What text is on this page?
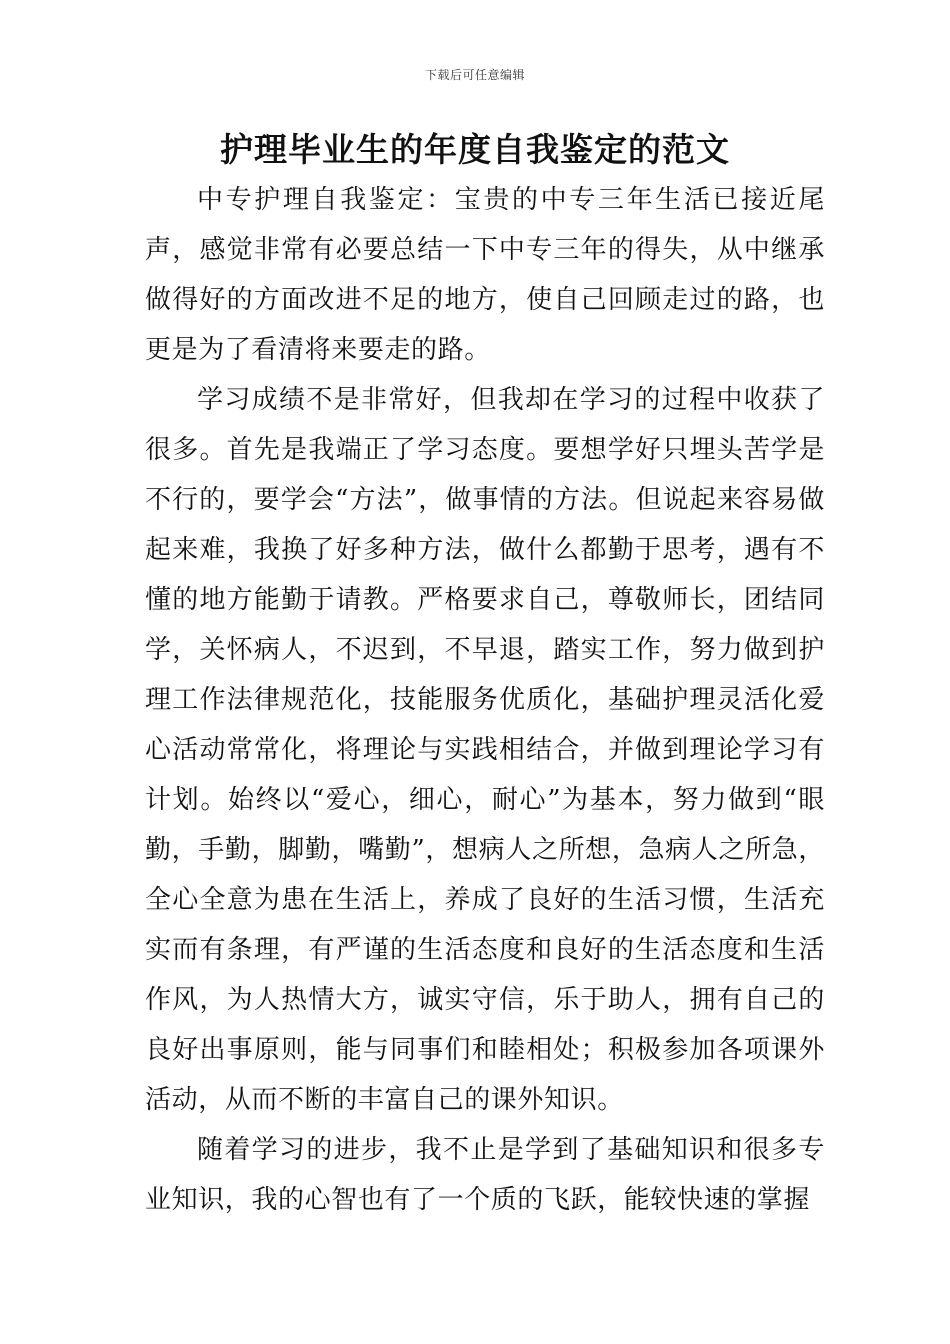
下载后可任意编辑
护理毕业生的年度自我鉴定的范文

中专护理自我鉴定：宝贵的中专三年生活已接近尾声，感觉非常有必要总结一下中专三年的得失，从中继承做得好的方面改进不足的地方，使自己回顾走过的路，也更是为了看清将来要走的路。

学习成绩不是非常好，但我却在学习的过程中收获了很多。首先是我端正了学习态度。要想学好只埋头苦学是不行的，要学会“方法”，做事情的方法。但说起来容易做起来难，我换了好多种方法，做什么都勤于思考，遇有不懂的地方能勤于请教。严格要求自己，尊敬师长，团结同学，关怀病人，不迟到，不早退，踏实工作，努力做到护理工作法律规范化，技能服务优质化，基础护理灵活化爱心活动常常化，将理论与实践相结合，并做到理论学习有计划。始终以“爱心，细心，耐心”为基本，努力做到“眼勤，手勤，脚勤，嘴勤”，想病人之所想，急病人之所急，全心全意为患在生活上，养成了良好的生活习惯，生活充实而有条理，有严谨的生活态度和良好的生活态度和生活作风，为人热情大方，诚实守信，乐于助人，拥有自己的良好出事原则，能与同事们和睦相处；积极参加各项课外活动，从而不断的丰富自己的课外知识。

随着学习的进步，我不止是学到了基础知识和很多专业知识，我的心智也有了一个质的飞跃，能较快速的掌握
